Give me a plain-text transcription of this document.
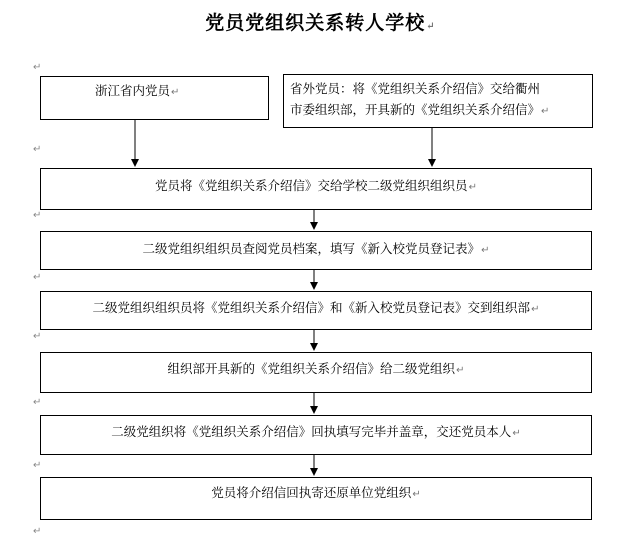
党员党组织关系转人学校↵
↵
↵
↵
↵
↵
↵
↵
↵
浙江省内党员↵	省外党员：将《党组织关系介绍信》交给衢州
市委组织部，开具新的《党组织关系介绍信》↵
党员将《党组织关系介绍信》交给学校二级党组织组织员↵
二级党组织组织员查阅党员档案，填写《新入校党员登记表》↵
二级党组织组织员将《党组织关系介绍信》和《新入校党员登记表》交到组织部↵
组织部开具新的《党组织关系介绍信》给二级党组织↵
二级党组织将《党组织关系介绍信》回执填写完毕并盖章，交还党员本人↵
党员将介绍信回执寄还原单位党组织↵
